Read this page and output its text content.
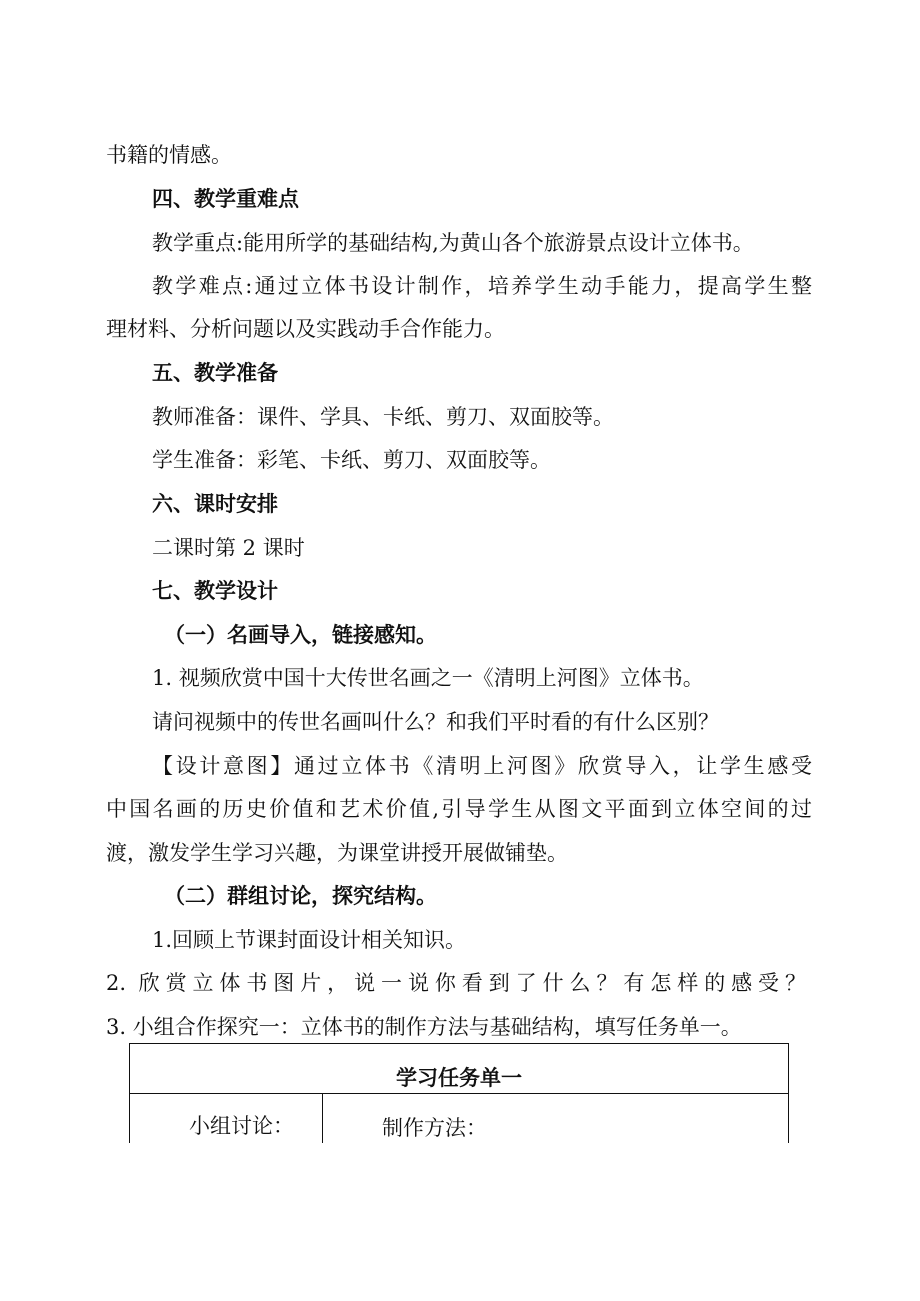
书籍的情感。
四、教学重难点
教学重点:能用所学的基础结构,为黄山各个旅游景点设计立体书。
教学难点:通过立体书设计制作，培养学生动手能力，提高学生整
理材料、分析问题以及实践动手合作能力。
五、教学准备
教师准备：课件、学具、卡纸、剪刀、双面胶等。
学生准备：彩笔、卡纸、剪刀、双面胶等。
六、课时安排
二课时第 2 课时
七、教学设计
（一）名画导入，链接感知。
1. 视频欣赏中国十大传世名画之一《清明上河图》立体书。
请问视频中的传世名画叫什么？和我们平时看的有什么区别？
【设计意图】通过立体书《清明上河图》欣赏导入，让学生感受
中国名画的历史价值和艺术价值,引导学生从图文平面到立体空间的过
渡，激发学生学习兴趣，为课堂讲授开展做铺垫。
（二）群组讨论，探究结构。
1.回顾上节课封面设计相关知识。
2. 欣赏立体书图片，说一说你看到了什么？有怎样的感受？
3. 小组合作探究一：立体书的制作方法与基础结构，填写任务单一。
学习任务单一
小组讨论：	制作方法：
